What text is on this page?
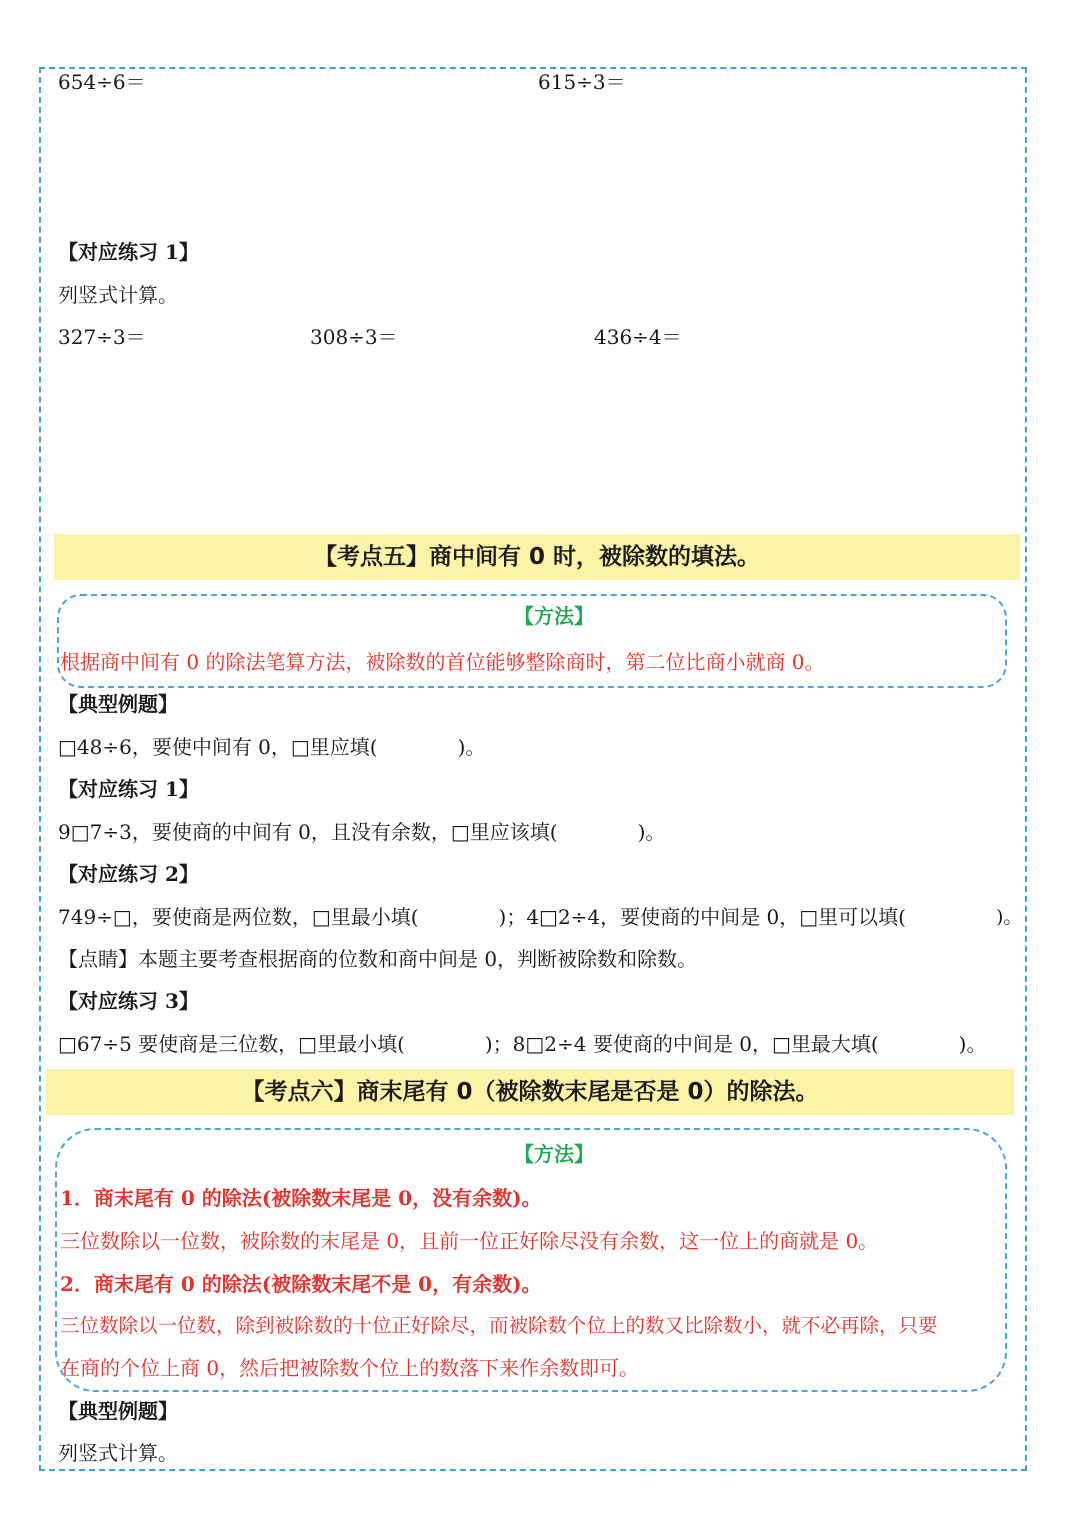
654÷6＝	615÷3＝
【对应练习 1】
列竖式计算。
327÷3＝	308÷3＝	436÷4＝
【考点五】商中间有 0 时，被除数的填法。
【方法】
根据商中间有 0 的除法笔算方法，被除数的首位能够整除商时，第二位比商小就商 0。
【典型例题】
□48÷6，要使中间有 0，□里应填(　　　　)。
【对应练习 1】
9□7÷3，要使商的中间有 0，且没有余数，□里应该填(　　　　)。
【对应练习 2】
749÷□，要使商是两位数，□里最小填(　　　　)；4□2÷4，要使商的中间是 0，□里可以填( 　　　　)。
【点睛】本题主要考查根据商的位数和商中间是 0，判断被除数和除数。
【对应练习 3】
□67÷5 要使商是三位数，□里最小填(　　　　)；8□2÷4 要使商的中间是 0，□里最大填(　　　　)。
【考点六】商末尾有 0（被除数末尾是否是 0）的除法。
【方法】
1．商末尾有 0 的除法(被除数末尾是 0，没有余数)。
三位数除以一位数，被除数的末尾是 0，且前一位正好除尽没有余数，这一位上的商就是 0。
2．商末尾有 0 的除法(被除数末尾不是 0，有余数)。
三位数除以一位数，除到被除数的十位正好除尽，而被除数个位上的数又比除数小，就不必再除，只要
在商的个位上商 0，然后把被除数个位上的数落下来作余数即可。
【典型例题】
列竖式计算。
